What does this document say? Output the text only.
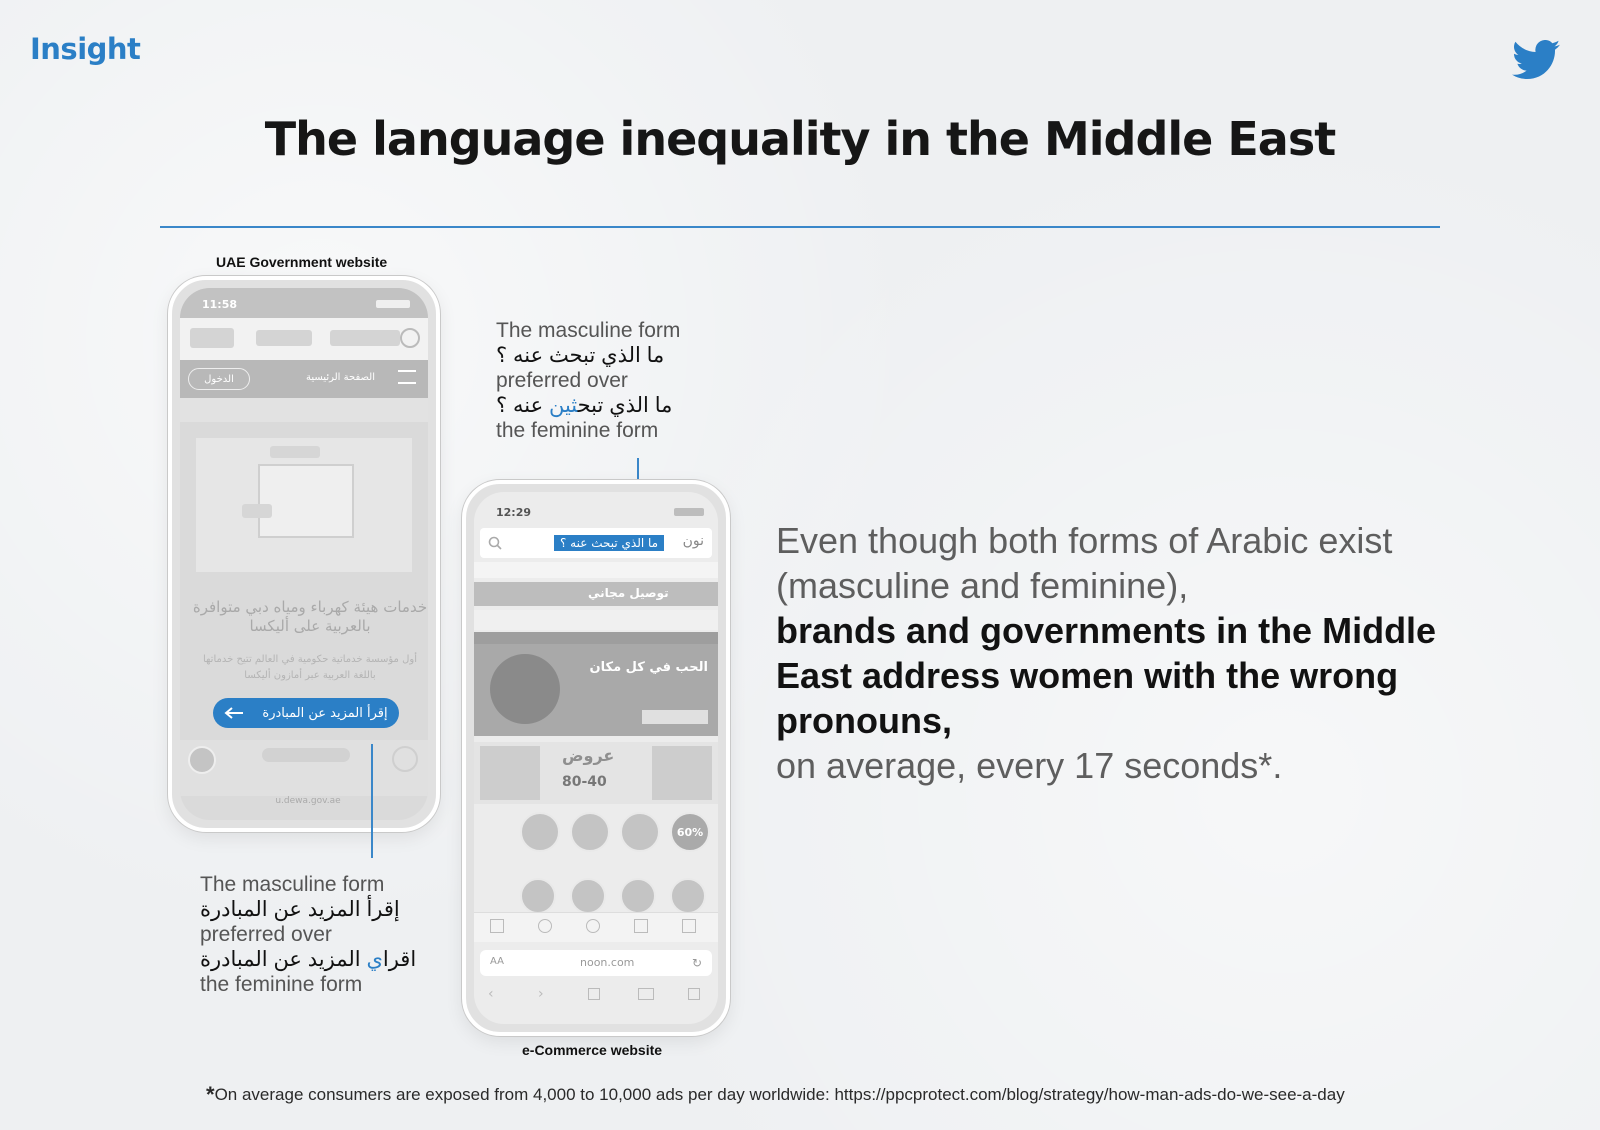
Insight
The language inequality in the Middle East
UAE Government website
11:58
الدخول	الصفحة الرئيسية
خدمات هيئة كهرباء ومياه دبي متوافرة بالعربية على أليكسا
أول مؤسسة خدماتية حكومية في العالم تتيح خدماتها باللغة العربية عبر أمازون أليكسا
إقرأ المزيد عن المبادرة
u.dewa.gov.ae
The masculine form
إقرأ المزيد عن المبادرة
preferred over
اقراي المزيد عن المبادرة
the feminine form
The masculine form
ما الذي تبحث عنه ؟
preferred over
ما الذي تبحثين عنه ؟
the feminine form
12:29
ما الذي تبحث عنه ؟	نون
توصيل مجاني
الحب في كل مكان
عروض
80-40
60%
AA	noon.com	↻
‹	›
e-Commerce website
Even though both forms of Arabic exist (masculine and feminine),
brands and governments in the Middle East address women with the wrong pronouns,
on average, every 17 seconds*.
*On average consumers are exposed from 4,000 to 10,000 ads per day worldwide: https://ppcprotect.com/blog/strategy/how-man-ads-do-we-see-a-day
